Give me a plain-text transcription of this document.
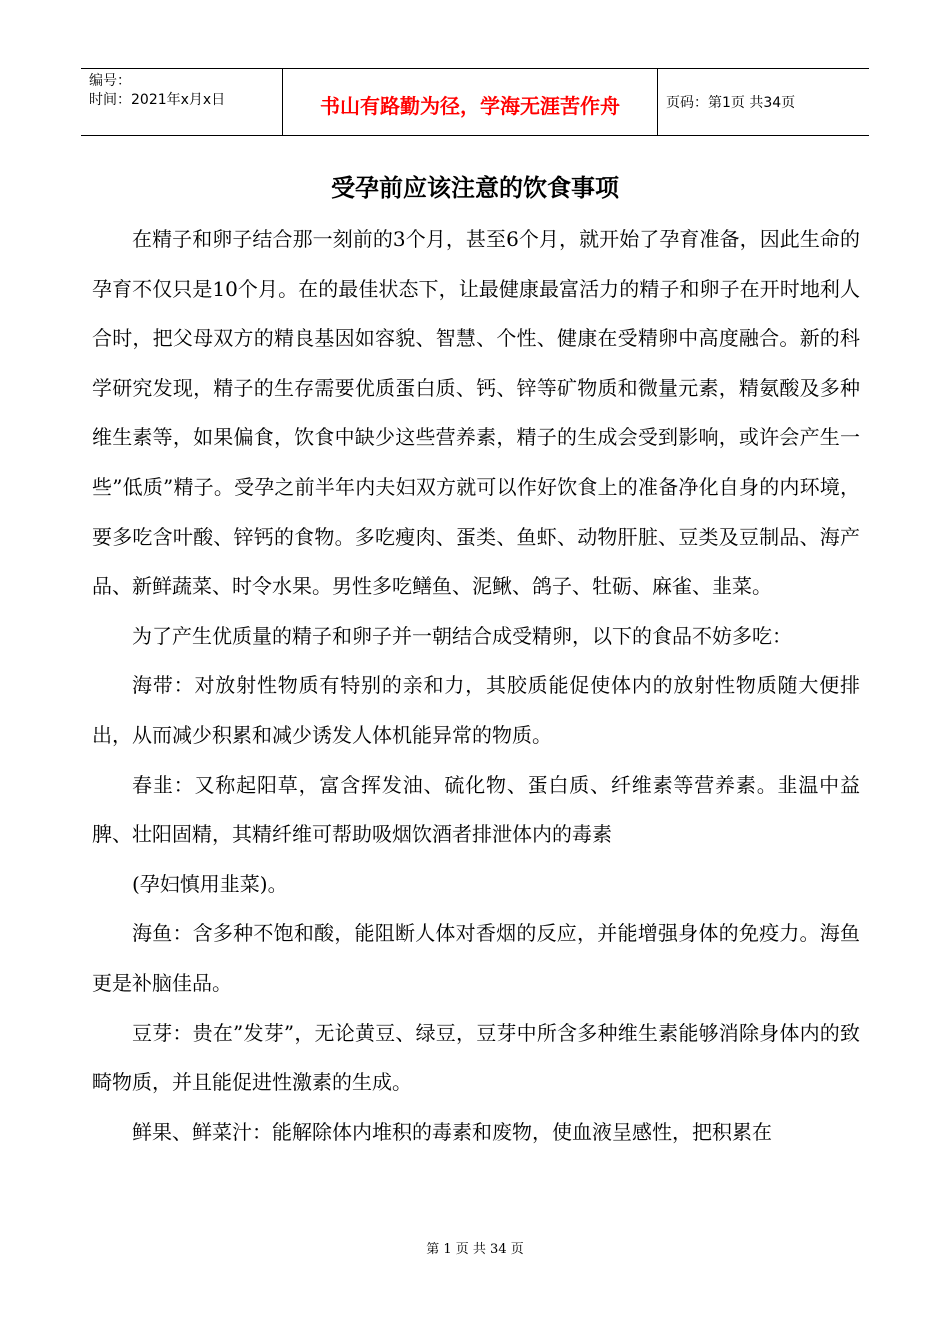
编号：
时间：2021年x月x日	书山有路勤为径，学海无涯苦作舟	页码：第1页 共34页
受孕前应该注意的饮食事项

在精子和卵子结合那一刻前的3个月，甚至6个月，就开始了孕育准备，因此生命的孕育不仅只是10个月。在的最佳状态下，让最健康最富活力的精子和卵子在开时地利人合时，把父母双方的精良基因如容貌、智慧、个性、健康在受精卵中高度融合。新的科学研究发现，精子的生存需要优质蛋白质、钙、锌等矿物质和微量元素，精氨酸及多种维生素等，如果偏食，饮食中缺少这些营养素，精子的生成会受到影响，或许会产生一些”低质”精子。受孕之前半年内夫妇双方就可以作好饮食上的准备净化自身的内环境，要多吃含叶酸、锌钙的食物。多吃瘦肉、蛋类、鱼虾、动物肝脏、豆类及豆制品、海产品、新鲜蔬菜、时令水果。男性多吃鳝鱼、泥鳅、鸽子、牡砺、麻雀、韭菜。

为了产生优质量的精子和卵子并一朝结合成受精卵，以下的食品不妨多吃：

海带：对放射性物质有特别的亲和力，其胶质能促使体内的放射性物质随大便排出，从而减少积累和减少诱发人体机能异常的物质。

春韭：又称起阳草，富含挥发油、硫化物、蛋白质、纤维素等营养素。韭温中益脾、壮阳固精，其精纤维可帮助吸烟饮酒者排泄体内的毒素

(孕妇慎用韭菜)。

海鱼：含多种不饱和酸，能阻断人体对香烟的反应，并能增强身体的免疫力。海鱼更是补脑佳品。

豆芽：贵在”发芽”，无论黄豆、绿豆，豆芽中所含多种维生素能够消除身体内的致畸物质，并且能促进性激素的生成。

鲜果、鲜菜汁：能解除体内堆积的毒素和废物，使血液呈感性，把积累在

第 1 页 共 34 页
